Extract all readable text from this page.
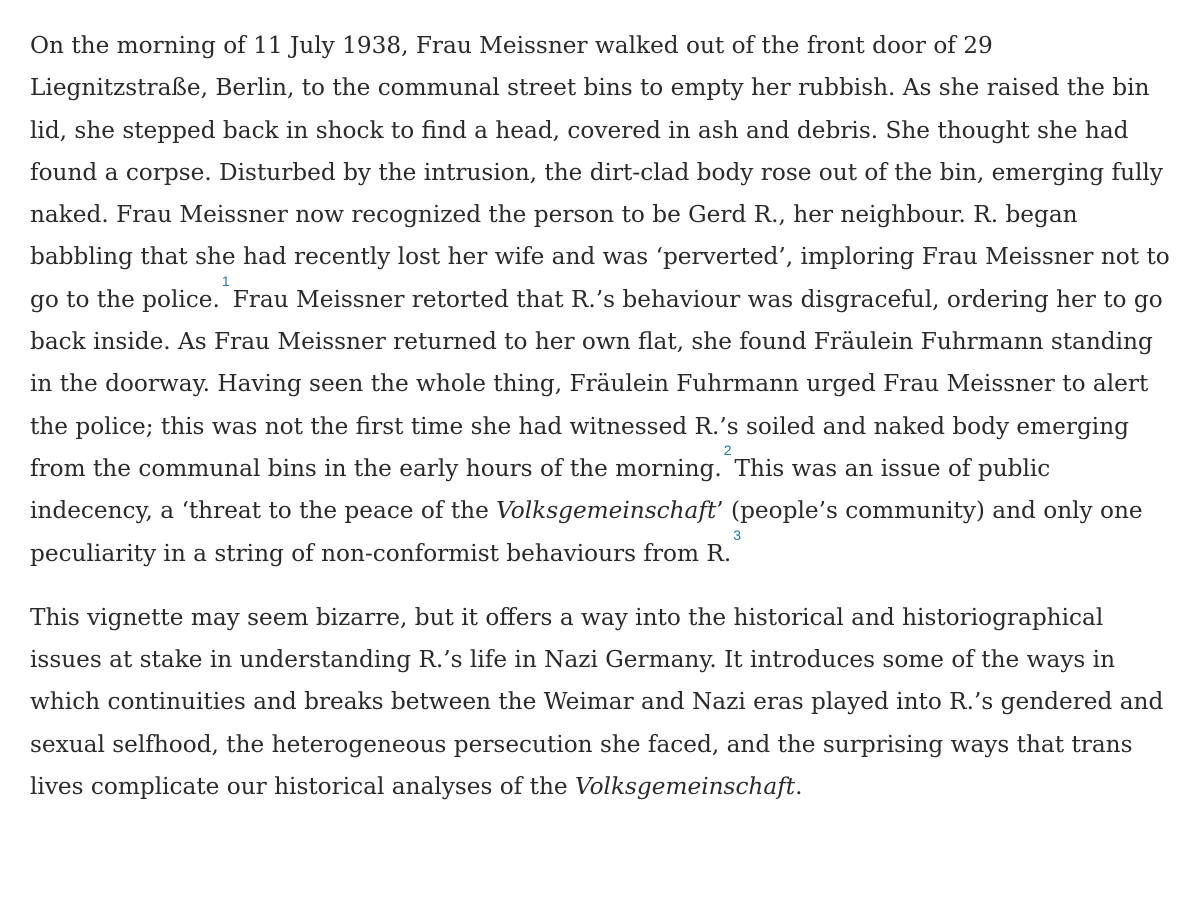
On the morning of 11 July 1938, Frau Meissner walked out of the front door of 29 Liegnitzstraße, Berlin, to the communal street bins to empty her rubbish. As she raised the bin lid, she stepped back in shock to find a head, covered in ash and debris. She thought she had found a corpse. Disturbed by the intrusion, the dirt-clad body rose out of the bin, emerging fully naked. Frau Meissner now recognized the person to be Gerd R., her neighbour. R. began babbling that she had recently lost her wife and was ‘perverted’, imploring Frau Meissner not to go to the police.$^1$Frau Meissner retorted that R.’s behaviour was disgraceful, ordering her to go back inside. As Frau Meissner returned to her own flat, she found Fräulein Fuhrmann standing in the doorway. Having seen the whole thing, Fräulein Fuhrmann urged Frau Meissner to alert the police; this was not the first time she had witnessed R.’s soiled and naked body emerging from the communal bins in the early hours of the morning.$^2$This was an issue of public indecency, a ‘threat to the peace of the Volksgemeinschaft’ (people’s community) and only one peculiarity in a string of non-conformist behaviours from R.$^3$

This vignette may seem bizarre, but it offers a way into the historical and historiographical issues at stake in understanding R.’s life in Nazi Germany. It introduces some of the ways in which continuities and breaks between the Weimar and Nazi eras played into R.’s gendered and sexual selfhood, the heterogeneous persecution she faced, and the surprising ways that trans lives complicate our historical analyses of the Volksgemeinschaft.
